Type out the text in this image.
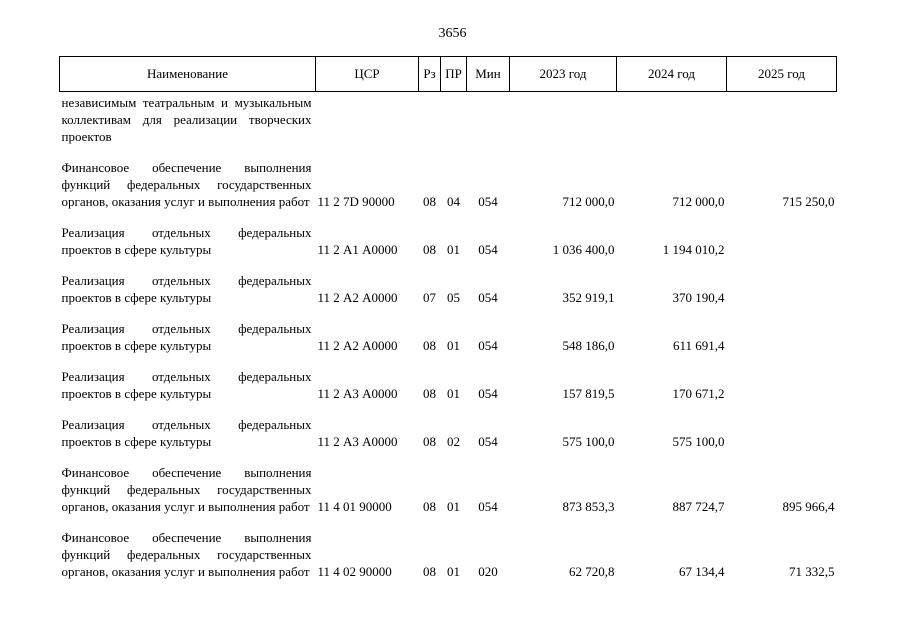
3656
Наименование	ЦСР	Рз	ПР	Мин	2023 год	2024 год	2025 год
независимым театральным и музыкальным коллективам для реализации творческих проектов							
Финансовое обеспечение выполнения функций федеральных государственных органов, оказания услуг и выполнения работ	11 2 7D 90000	08	04	054	712 000,0	712 000,0	715 250,0
Реализация отдельных федеральных проектов в сфере культуры	11 2 А1 А0000	08	01	054	1 036 400,0	1 194 010,2	
Реализация отдельных федеральных проектов в сфере культуры	11 2 А2 А0000	07	05	054	352 919,1	370 190,4	
Реализация отдельных федеральных проектов в сфере культуры	11 2 А2 А0000	08	01	054	548 186,0	611 691,4	
Реализация отдельных федеральных проектов в сфере культуры	11 2 А3 А0000	08	01	054	157 819,5	170 671,2	
Реализация отдельных федеральных проектов в сфере культуры	11 2 А3 А0000	08	02	054	575 100,0	575 100,0	
Финансовое обеспечение выполнения функций федеральных государственных органов, оказания услуг и выполнения работ	11 4 01 90000	08	01	054	873 853,3	887 724,7	895 966,4
Финансовое обеспечение выполнения функций федеральных государственных органов, оказания услуг и выполнения работ	11 4 02 90000	08	01	020	62 720,8	67 134,4	71 332,5
